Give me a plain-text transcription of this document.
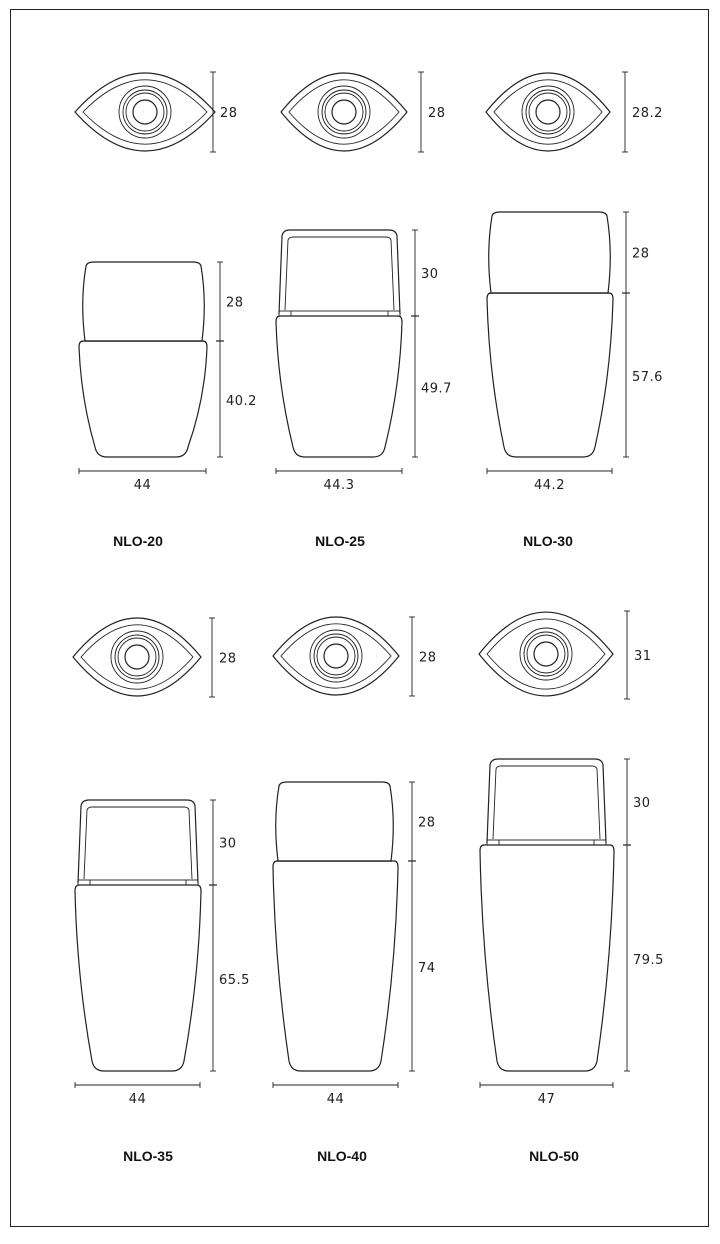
28
28
40.2
44
NLO-20
28
30
49.7
44.3
NLO-25
28.2
28
57.6
44.2
NLO-30
28
30
65.5
44
NLO-35
28
28
74
44
NLO-40
31
30
79.5
47
NLO-50
